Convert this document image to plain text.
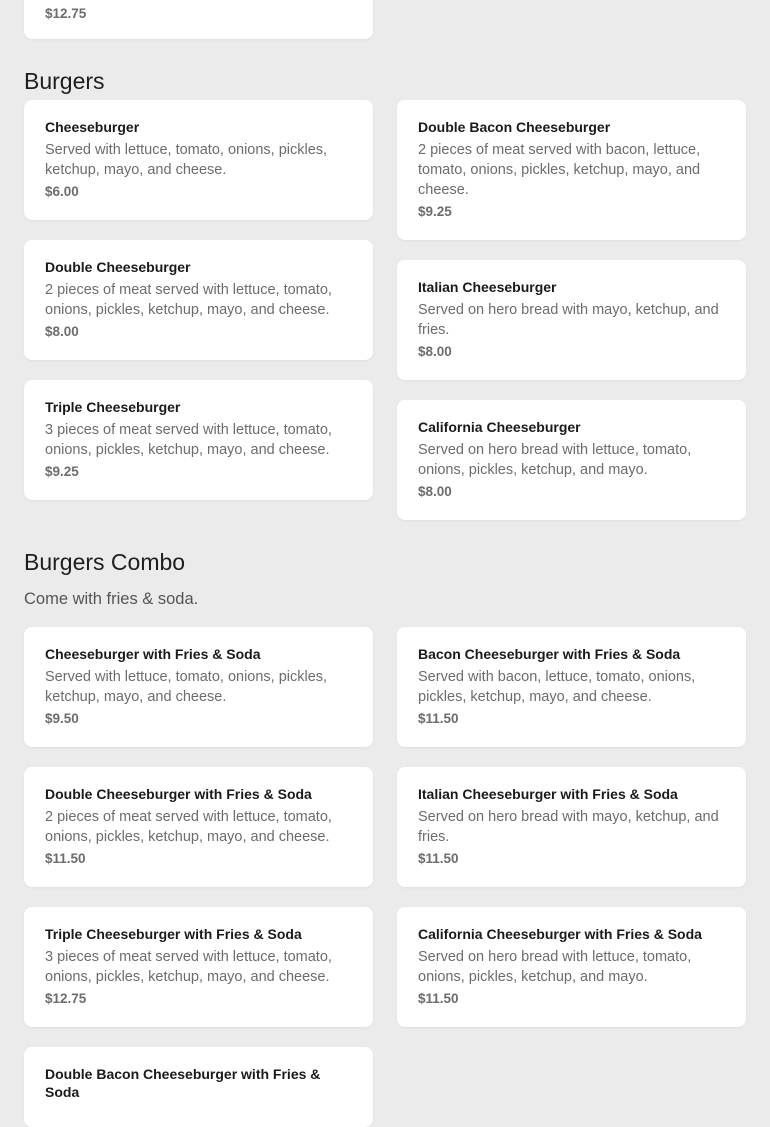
$12.75
Burgers
Cheeseburger
Served with lettuce, tomato, onions, pickles, ketchup, mayo, and cheese.
$6.00
Double Bacon Cheeseburger
2 pieces of meat served with bacon, lettuce, tomato, onions, pickles, ketchup, mayo, and cheese.
$9.25
Double Cheeseburger
2 pieces of meat served with lettuce, tomato, onions, pickles, ketchup, mayo, and cheese.
$8.00
Italian Cheeseburger
Served on hero bread with mayo, ketchup, and fries.
$8.00
Triple Cheeseburger
3 pieces of meat served with lettuce, tomato, onions, pickles, ketchup, mayo, and cheese.
$9.25
California Cheeseburger
Served on hero bread with lettuce, tomato, onions, pickles, ketchup, and mayo.
$8.00
Burgers Combo
Come with fries & soda.
Cheeseburger with Fries & Soda
Served with lettuce, tomato, onions, pickles, ketchup, mayo, and cheese.
$9.50
Bacon Cheeseburger with Fries & Soda
Served with bacon, lettuce, tomato, onions, pickles, ketchup, mayo, and cheese.
$11.50
Double Cheeseburger with Fries & Soda
2 pieces of meat served with lettuce, tomato, onions, pickles, ketchup, mayo, and cheese.
$11.50
Italian Cheeseburger with Fries & Soda
Served on hero bread with mayo, ketchup, and fries.
$11.50
Triple Cheeseburger with Fries & Soda
3 pieces of meat served with lettuce, tomato, onions, pickles, ketchup, mayo, and cheese.
$12.75
California Cheeseburger with Fries & Soda
Served on hero bread with lettuce, tomato, onions, pickles, ketchup, and mayo.
$11.50
Double Bacon Cheeseburger with Fries & Soda
